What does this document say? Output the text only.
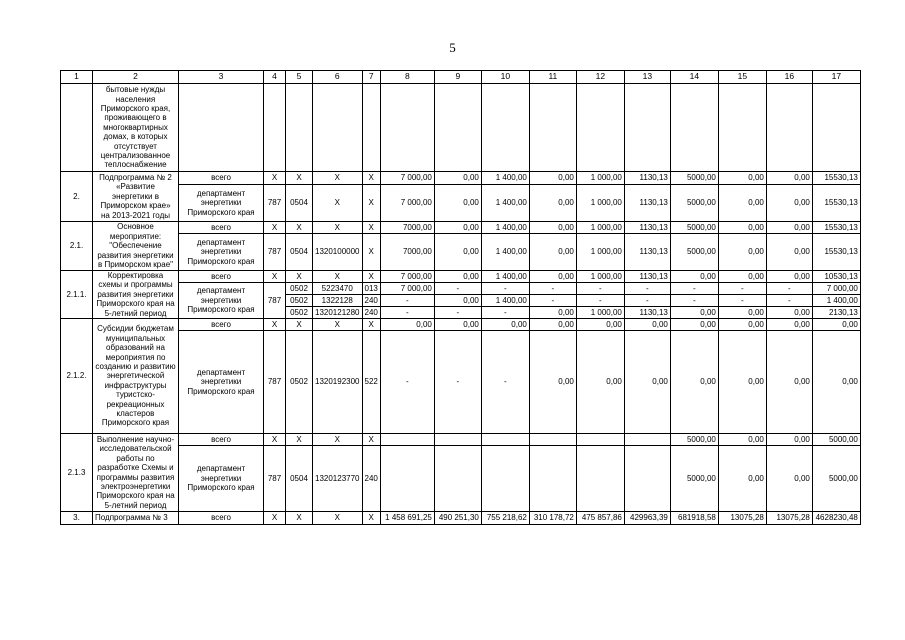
5
1	2	3	4	5	6	7	8	9	10	11	12	13	14	15	16	17
	бытовые нужды населения Приморского края, проживающего в многоквартирных домах, в которых отсутствует централизованное теплоснабжение															
2.	Подпрограмма № 2 «Развитие энергетики в Приморском крае» на 2013-2021 годы	всего	X	X	X	X	7 000,00	0,00	1 400,00	0,00	1 000,00	1130,13	5000,00	0,00	0,00	15530,13
		департамент энергетики Приморского края	787	0504	X	X	7 000,00	0,00	1 400,00	0,00	1 000,00	1130,13	5000,00	0,00	0,00	15530,13
2.1.	Основное мероприятие: "Обеспечение развития энергетики в Приморском крае"	всего	X	X	X	X	7000,00	0,00	1 400,00	0,00	1 000,00	1130,13	5000,00	0,00	0,00	15530,13
		департамент энергетики Приморского края	787	0504	1320100000	X	7000,00	0,00	1 400,00	0,00	1 000,00	1130,13	5000,00	0,00	0,00	15530,13
2.1.1.	Корректировка схемы и программы развития энергетики Приморского края на 5-летний период	всего	X	X	X	X	7 000,00	0,00	1 400,00	0,00	1 000,00	1130,13	0,00	0,00	0,00	10530,13
		департамент энергетики Приморского края	787	0502	5223470	013	7 000,00	-	-	-	-	-	-	-	-	7 000,00
				0502	1322128	240	-	0,00	1 400,00	-	-	-	-	-	-	1 400,00
				0502	1320121280	240	-	-	-	0,00	1 000,00	1130,13	0,00	0,00	0,00	2130,13
2.1.2.	Субсидии бюджетам муниципальных образований на мероприятия по созданию и развитию энергетической инфраструктуры туристско-рекреационных кластеров Приморского края	всего	X	X	X	X	0,00	0,00	0,00	0,00	0,00	0,00	0,00	0,00	0,00	0,00
		департамент энергетики Приморского края	787	0502	1320192300	522	-	-	-	0,00	0,00	0,00	0,00	0,00	0,00	0,00
2.1.3	Выполнение научно-исследовательской работы по разработке Схемы и программы развития электроэнергетики Приморского края на 5-летний период	всего	X	X	X	X							5000,00	0,00	0,00	5000,00
		департамент энергетики Приморского края	787	0504	1320123770	240							5000,00	0,00	0,00	5000,00
3.	Подпрограмма № 3	всего	X	X	X	X	1 458 691,25	490 251,30	755 218,62	310 178,72	475 857,86	429963,39	681918,58	13075,28	13075,28	4628230,48
